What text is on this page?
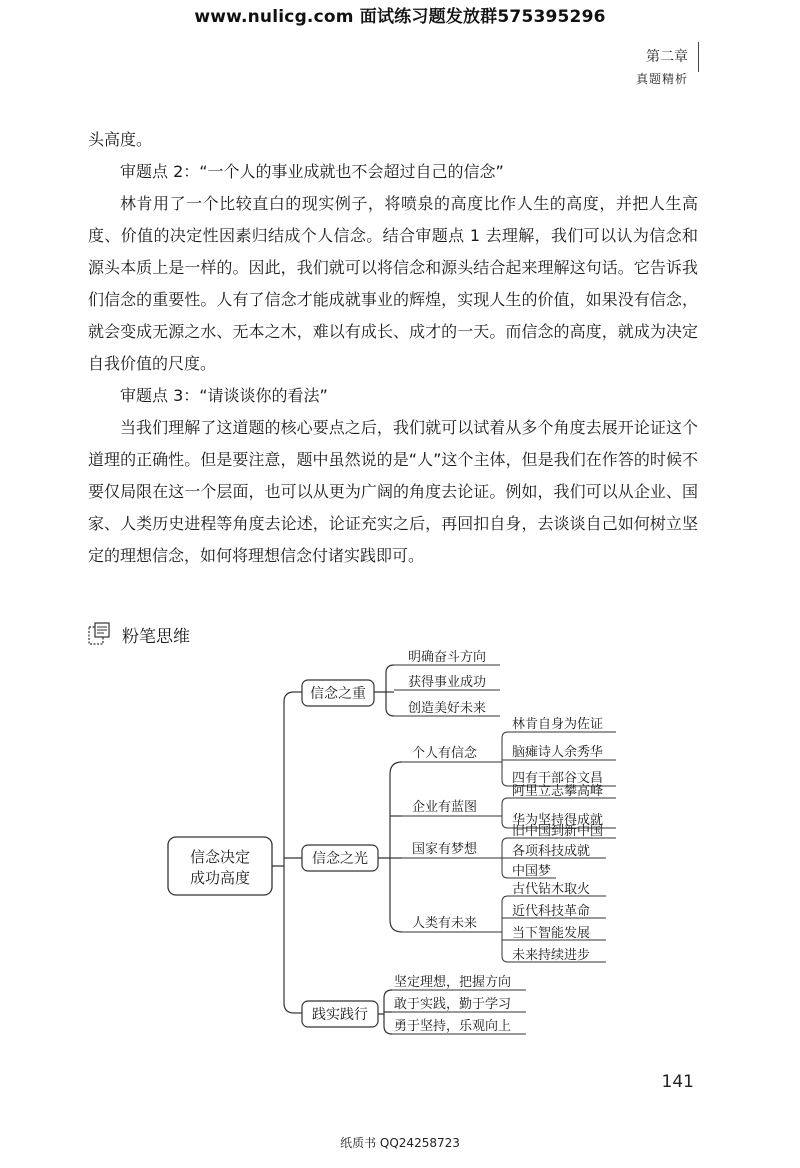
www.nulicg.com 面试练习题发放群575395296
第二章
真题精析

头高度。

审题点 2：“一个人的事业成就也不会超过自己的信念”

林肯用了一个比较直白的现实例子，将喷泉的高度比作人生的高度，并把人生高度、价值的决定性因素归结成个人信念。结合审题点 1 去理解，我们可以认为信念和源头本质上是一样的。因此，我们就可以将信念和源头结合起来理解这句话。它告诉我们信念的重要性。人有了信念才能成就事业的辉煌，实现人生的价值，如果没有信念，就会变成无源之水、无本之木，难以有成长、成才的一天。而信念的高度，就成为决定自我价值的尺度。

审题点 3：“请谈谈你的看法”

当我们理解了这道题的核心要点之后，我们就可以试着从多个角度去展开论证这个道理的正确性。但是要注意，题中虽然说的是“人”这个主体，但是我们在作答的时候不要仅局限在这一个层面，也可以从更为广阔的角度去论证。例如，我们可以从企业、国家、人类历史进程等角度去论述，论证充实之后，再回扣自身，去谈谈自己如何树立坚定的理想信念，如何将理想信念付诸实践即可。

粉笔思维
信念决定
成功高度
信念之重
明确奋斗方向
获得事业成功
创造美好未来
信念之光
个人有信念
林肯自身为佐证
脑瘫诗人余秀华
四有干部谷文昌
企业有蓝图
阿里立志攀高峰
华为坚持得成就
国家有梦想
旧中国到新中国
各项科技成就
中国梦
人类有未来
古代钻木取火
近代科技革命
当下智能发展
未来持续进步
践实践行
坚定理想，把握方向
敢于实践，勤于学习
勇于坚持，乐观向上
141
纸质书 QQ24258723
